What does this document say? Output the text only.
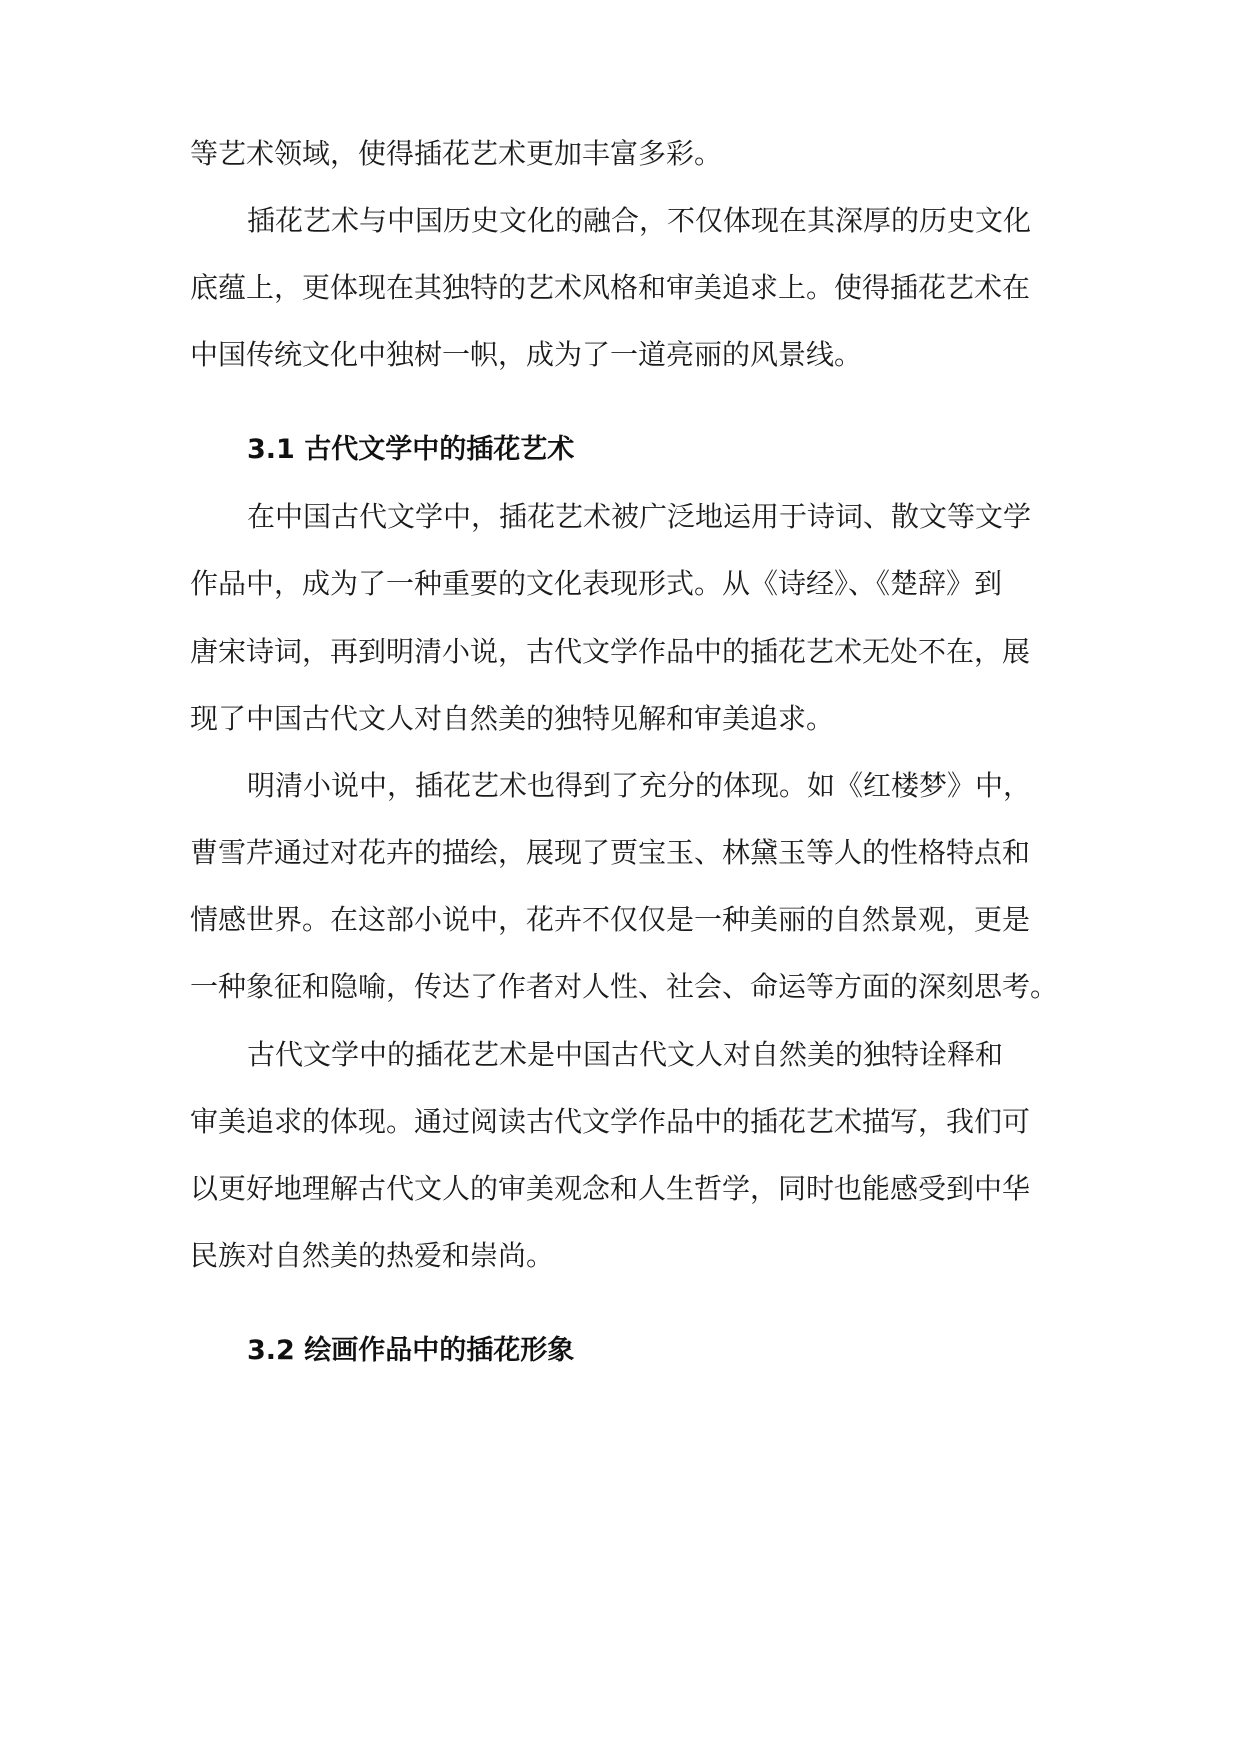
等艺术领域，使得插花艺术更加丰富多彩。

插花艺术与中国历史文化的融合，不仅体现在其深厚的历史文化

底蕴上，更体现在其独特的艺术风格和审美追求上。使得插花艺术在

中国传统文化中独树一帜，成为了一道亮丽的风景线。

3.1 古代文学中的插花艺术

在中国古代文学中，插花艺术被广泛地运用于诗词、散文等文学

作品中，成为了一种重要的文化表现形式。从《诗经》、《楚辞》到

唐宋诗词，再到明清小说，古代文学作品中的插花艺术无处不在，展

现了中国古代文人对自然美的独特见解和审美追求。

明清小说中，插花艺术也得到了充分的体现。如《红楼梦》中，

曹雪芹通过对花卉的描绘，展现了贾宝玉、林黛玉等人的性格特点和

情感世界。在这部小说中，花卉不仅仅是一种美丽的自然景观，更是

一种象征和隐喻，传达了作者对人性、社会、命运等方面的深刻思考。

古代文学中的插花艺术是中国古代文人对自然美的独特诠释和

审美追求的体现。通过阅读古代文学作品中的插花艺术描写，我们可

以更好地理解古代文人的审美观念和人生哲学，同时也能感受到中华

民族对自然美的热爱和崇尚。

3.2 绘画作品中的插花形象
